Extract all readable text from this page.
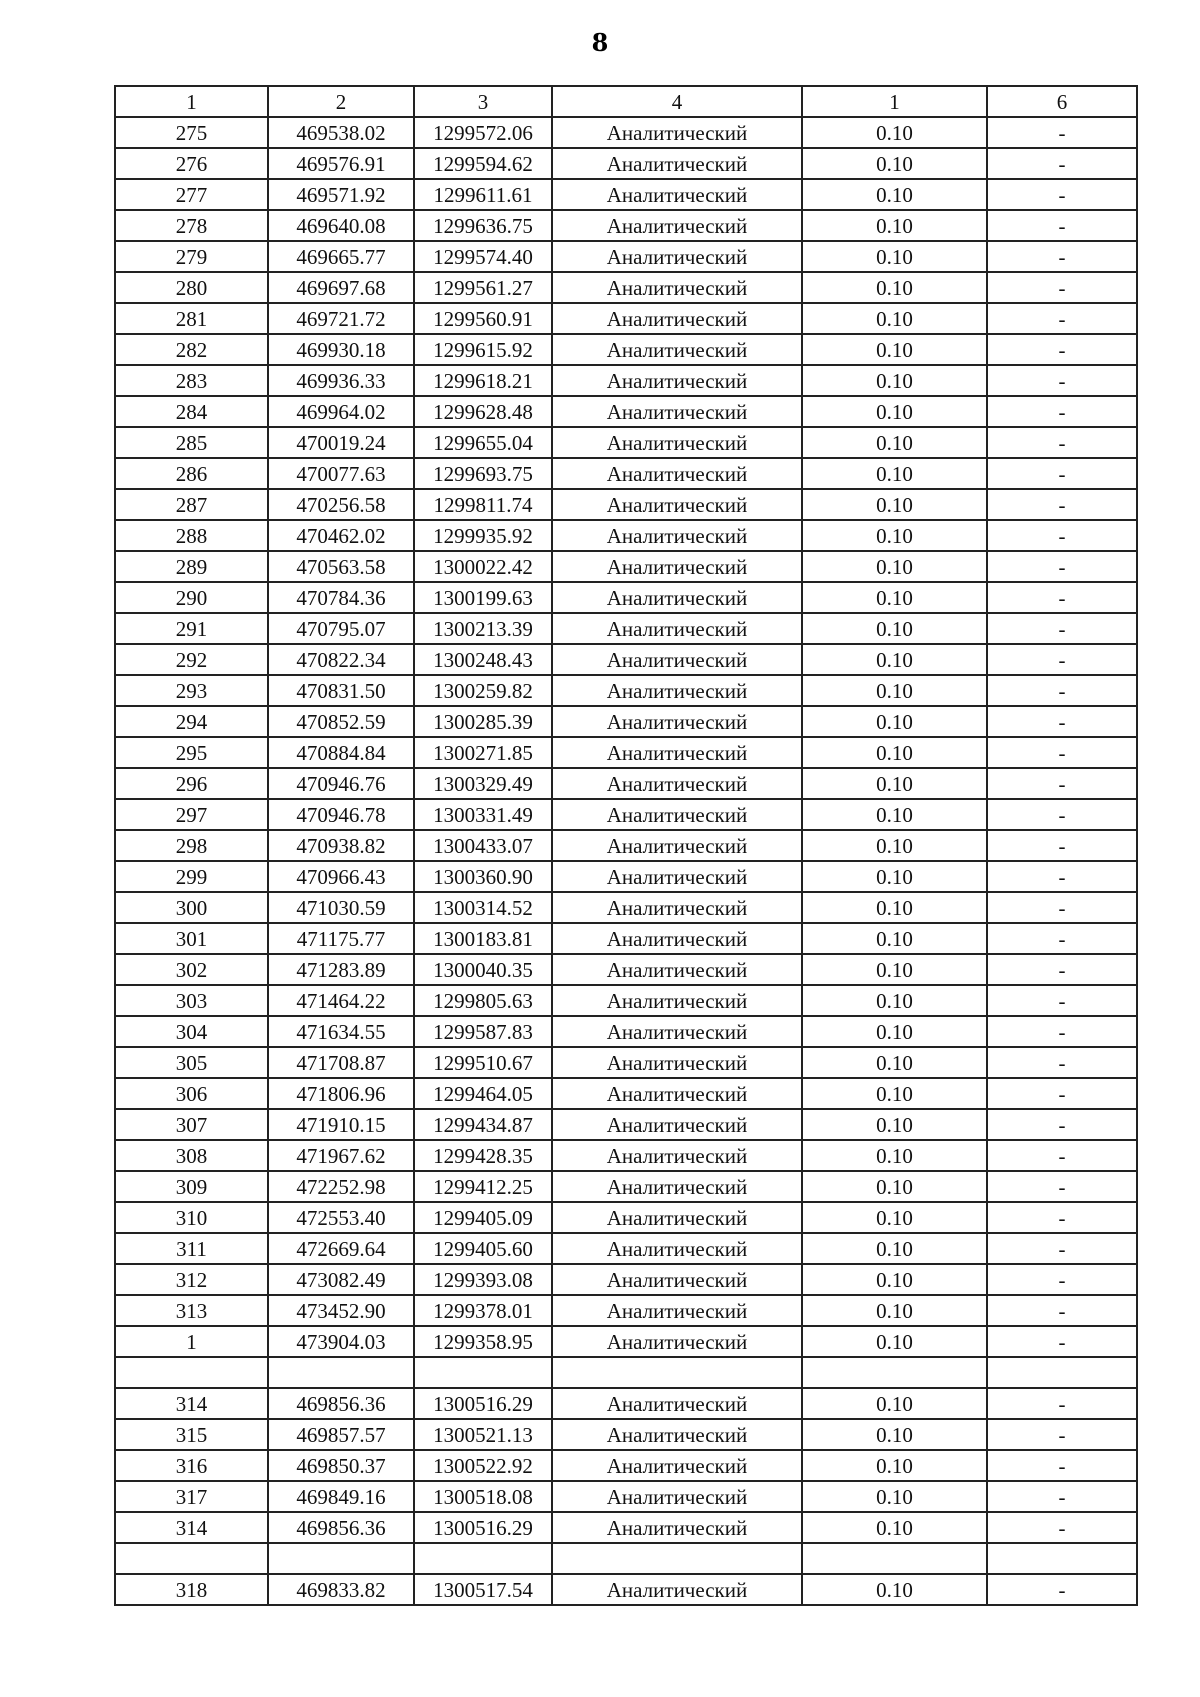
8
1	2	3	4	1	6
275	469538.02	1299572.06	Аналитический	0.10	-
276	469576.91	1299594.62	Аналитический	0.10	-
277	469571.92	1299611.61	Аналитический	0.10	-
278	469640.08	1299636.75	Аналитический	0.10	-
279	469665.77	1299574.40	Аналитический	0.10	-
280	469697.68	1299561.27	Аналитический	0.10	-
281	469721.72	1299560.91	Аналитический	0.10	-
282	469930.18	1299615.92	Аналитический	0.10	-
283	469936.33	1299618.21	Аналитический	0.10	-
284	469964.02	1299628.48	Аналитический	0.10	-
285	470019.24	1299655.04	Аналитический	0.10	-
286	470077.63	1299693.75	Аналитический	0.10	-
287	470256.58	1299811.74	Аналитический	0.10	-
288	470462.02	1299935.92	Аналитический	0.10	-
289	470563.58	1300022.42	Аналитический	0.10	-
290	470784.36	1300199.63	Аналитический	0.10	-
291	470795.07	1300213.39	Аналитический	0.10	-
292	470822.34	1300248.43	Аналитический	0.10	-
293	470831.50	1300259.82	Аналитический	0.10	-
294	470852.59	1300285.39	Аналитический	0.10	-
295	470884.84	1300271.85	Аналитический	0.10	-
296	470946.76	1300329.49	Аналитический	0.10	-
297	470946.78	1300331.49	Аналитический	0.10	-
298	470938.82	1300433.07	Аналитический	0.10	-
299	470966.43	1300360.90	Аналитический	0.10	-
300	471030.59	1300314.52	Аналитический	0.10	-
301	471175.77	1300183.81	Аналитический	0.10	-
302	471283.89	1300040.35	Аналитический	0.10	-
303	471464.22	1299805.63	Аналитический	0.10	-
304	471634.55	1299587.83	Аналитический	0.10	-
305	471708.87	1299510.67	Аналитический	0.10	-
306	471806.96	1299464.05	Аналитический	0.10	-
307	471910.15	1299434.87	Аналитический	0.10	-
308	471967.62	1299428.35	Аналитический	0.10	-
309	472252.98	1299412.25	Аналитический	0.10	-
310	472553.40	1299405.09	Аналитический	0.10	-
311	472669.64	1299405.60	Аналитический	0.10	-
312	473082.49	1299393.08	Аналитический	0.10	-
313	473452.90	1299378.01	Аналитический	0.10	-
1	473904.03	1299358.95	Аналитический	0.10	-

314	469856.36	1300516.29	Аналитический	0.10	-
315	469857.57	1300521.13	Аналитический	0.10	-
316	469850.37	1300522.92	Аналитический	0.10	-
317	469849.16	1300518.08	Аналитический	0.10	-
314	469856.36	1300516.29	Аналитический	0.10	-

318	469833.82	1300517.54	Аналитический	0.10	-
